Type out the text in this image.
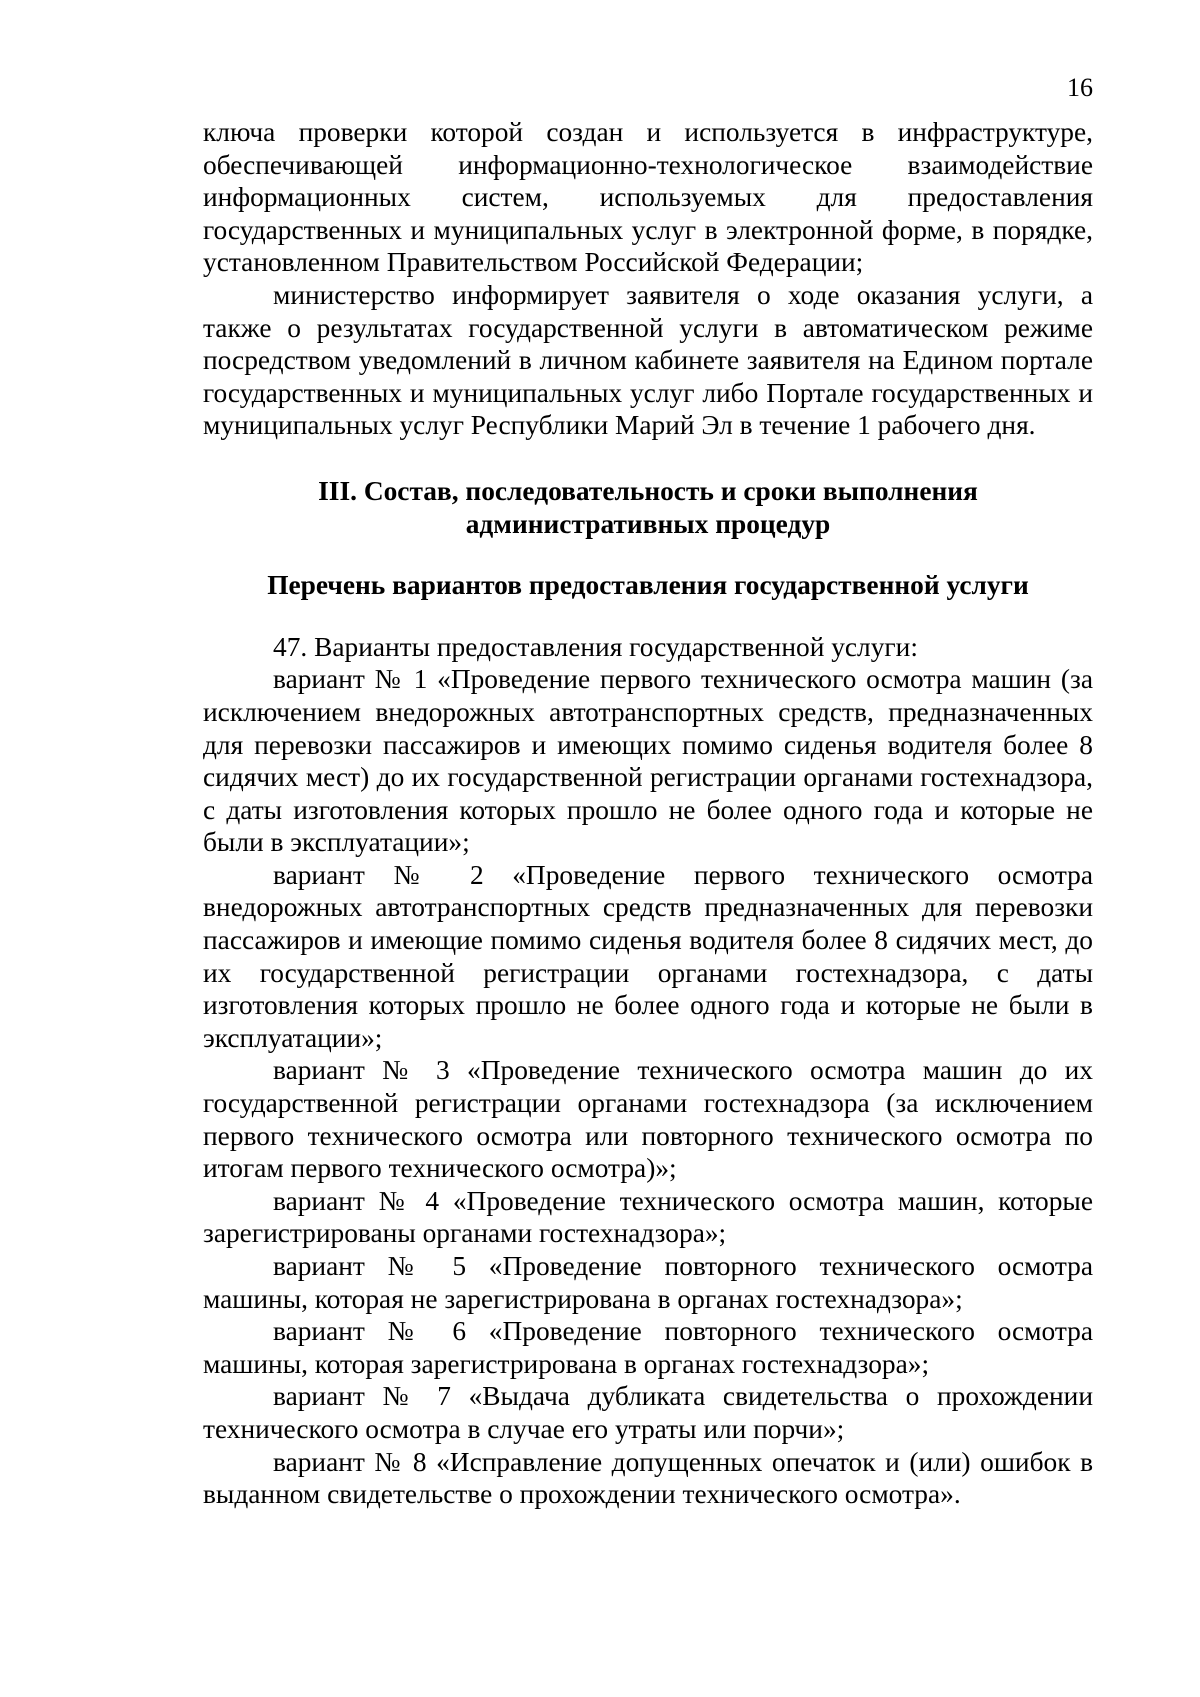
16

ключа проверки которой создан и используется в инфраструктуре, обеспечивающей информационно-технологическое взаимодействие информационных систем, используемых для предоставления государственных и муниципальных услуг в электронной форме, в порядке, установленном Правительством Российской Федерации;

министерство информирует заявителя о ходе оказания услуги, а также о результатах государственной услуги в автоматическом режиме посредством уведомлений в личном кабинете заявителя на Едином портале государственных и муниципальных услуг либо Портале государственных и муниципальных услуг Республики Марий Эл в течение 1 рабочего дня.

III. Состав, последовательность и сроки выполнения

административных процедур

Перечень вариантов предоставления государственной услуги

47. Варианты предоставления государственной услуги:

вариант № 1 «Проведение первого технического осмотра машин (за исключением внедорожных автотранспортных средств, предназначенных для перевозки пассажиров и имеющих помимо сиденья водителя более 8 сидячих мест) до их государственной регистрации органами гостехнадзора, с даты изготовления которых прошло не более одного года и которые не были в эксплуатации»;

вариант № 2 «Проведение первого технического осмотра внедорожных автотранспортных средств предназначенных для перевозки пассажиров и имеющие помимо сиденья водителя более 8 сидячих мест, до их государственной регистрации органами гостехнадзора, с даты изготовления которых прошло не более одного года и которые не были в эксплуатации»;

вариант № 3 «Проведение технического осмотра машин до их государственной регистрации органами гостехнадзора (за исключением первого технического осмотра или повторного технического осмотра по итогам первого технического осмотра)»;

вариант № 4 «Проведение технического осмотра машин, которые зарегистрированы органами гостехнадзора»;

вариант № 5 «Проведение повторного технического осмотра машины, которая не зарегистрирована в органах гостехнадзора»;

вариант № 6 «Проведение повторного технического осмотра машины, которая зарегистрирована в органах гостехнадзора»;

вариант № 7 «Выдача дубликата свидетельства о прохождении технического осмотра в случае его утраты или порчи»;

вариант № 8 «Исправление допущенных опечаток и (или) ошибок в выданном свидетельстве о прохождении технического осмотра».
